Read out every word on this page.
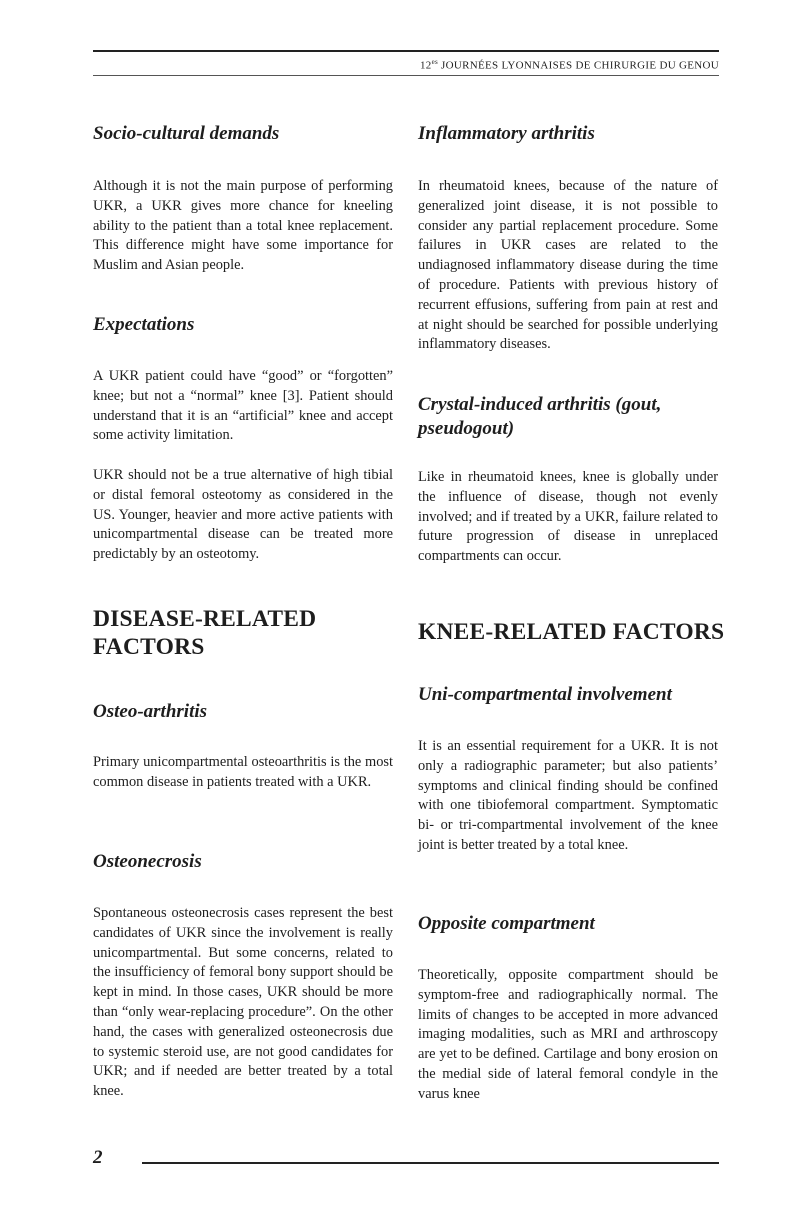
$12^{es}$ JOURNÉES LYONNAISES DE CHIRURGIE DU GENOU
Socio-cultural demands

Although it is not the main purpose of performing UKR, a UKR gives more chance for kneeling ability to the patient than a total knee replacement. This difference might have some importance for Muslim and Asian people.

Expectations

A UKR patient could have “good” or “forgotten” knee; but not a “normal” knee [3]. Patient should understand that it is an “artificial” knee and accept some activity limitation.

UKR should not be a true alternative of high tibial or distal femoral osteotomy as considered in the US. Younger, heavier and more active patients with unicompartmental disease can be treated more predictably by an osteotomy.

DISEASE-RELATED
FACTORS
Osteo-arthritis

Primary unicompartmental osteoarthritis is the most common disease in patients treated with a UKR.

Osteonecrosis

Spontaneous osteonecrosis cases represent the best candidates of UKR since the involvement is really unicompartmental. But some concerns, related to the insufficiency of femoral bony support should be kept in mind. In those cases, UKR should be more than “only wear-replacing procedure”. On the other hand, the cases with generalized osteonecrosis due to systemic steroid use, are not good candidates for UKR; and if needed are better treated by a total knee.

Inflammatory arthritis

In rheumatoid knees, because of the nature of generalized joint disease, it is not possible to consider any partial replacement procedure. Some failures in UKR cases are related to the undiagnosed inflammatory disease during the time of procedure. Patients with previous history of recurrent effusions, suffering from pain at rest and at night should be searched for possible underlying inflammatory diseases.

Crystal-induced arthritis (gout,
pseudogout)

Like in rheumatoid knees, knee is globally under the influence of disease, though not evenly involved; and if treated by a UKR, failure related to future progression of disease in unreplaced compartments can occur.

KNEE-RELATED FACTORS
Uni-compartmental involvement

It is an essential requirement for a UKR. It is not only a radiographic parameter; but also patients’ symptoms and clinical finding should be confined with one tibiofemoral compartment. Symptomatic bi- or tri-compartmental involvement of the knee joint is better treated by a total knee.

Opposite compartment

Theoretically, opposite compartment should be symptom-free and radiographically normal. The limits of changes to be accepted in more advanced imaging modalities, such as MRI and arthroscopy are yet to be defined. Cartilage and bony erosion on the medial side of lateral femoral condyle in the varus knee

2
